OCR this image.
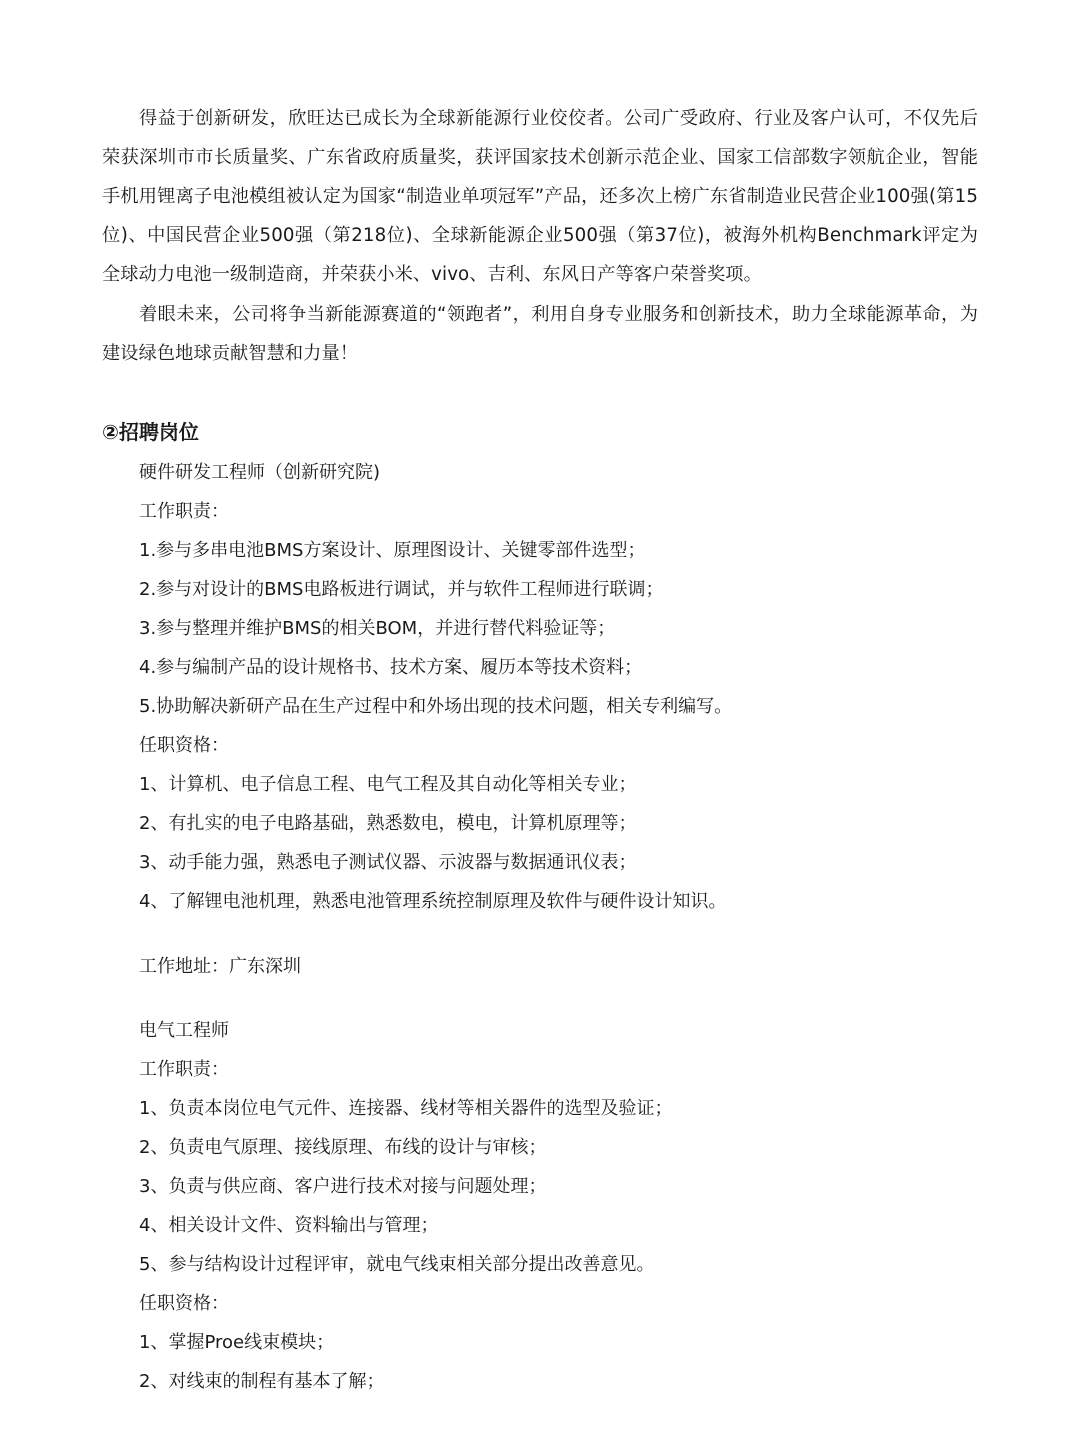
得益于创新研发，欣旺达已成长为全球新能源行业佼佼者。公司广受政府、行业及客户认可，不仅先后荣获深圳市市长质量奖、广东省政府质量奖，获评国家技术创新示范企业、国家工信部数字领航企业，智能手机用锂离子电池模组被认定为国家“制造业单项冠军”产品，还多次上榜广东省制造业民营企业100强(第15位)、中国民营企业500强（第218位)、全球新能源企业500强（第37位)，被海外机构Benchmark评定为全球动力电池一级制造商，并荣获小米、vivo、吉利、东风日产等客户荣誉奖项。

着眼未来，公司将争当新能源赛道的“领跑者”，利用自身专业服务和创新技术，助力全球能源革命，为建设绿色地球贡献智慧和力量！

②招聘岗位

硬件研发工程师（创新研究院)

工作职责：

1.参与多串电池BMS方案设计、原理图设计、关键零部件选型；

2.参与对设计的BMS电路板进行调试，并与软件工程师进行联调；

3.参与整理并维护BMS的相关BOM，并进行替代料验证等；

4.参与编制产品的设计规格书、技术方案、履历本等技术资料；

5.协助解决新研产品在生产过程中和外场出现的技术问题，相关专利编写。

任职资格：

1、计算机、电子信息工程、电气工程及其自动化等相关专业；

2、有扎实的电子电路基础，熟悉数电，模电，计算机原理等；

3、动手能力强，熟悉电子测试仪器、示波器与数据通讯仪表；

4、了解锂电池机理，熟悉电池管理系统控制原理及软件与硬件设计知识。

工作地址：广东深圳

电气工程师

工作职责：

1、负责本岗位电气元件、连接器、线材等相关器件的选型及验证；

2、负责电气原理、接线原理、布线的设计与审核；

3、负责与供应商、客户进行技术对接与问题处理；

4、相关设计文件、资料输出与管理；

5、参与结构设计过程评审，就电气线束相关部分提出改善意见。

任职资格：

1、掌握Proe线束模块；

2、对线束的制程有基本了解；
